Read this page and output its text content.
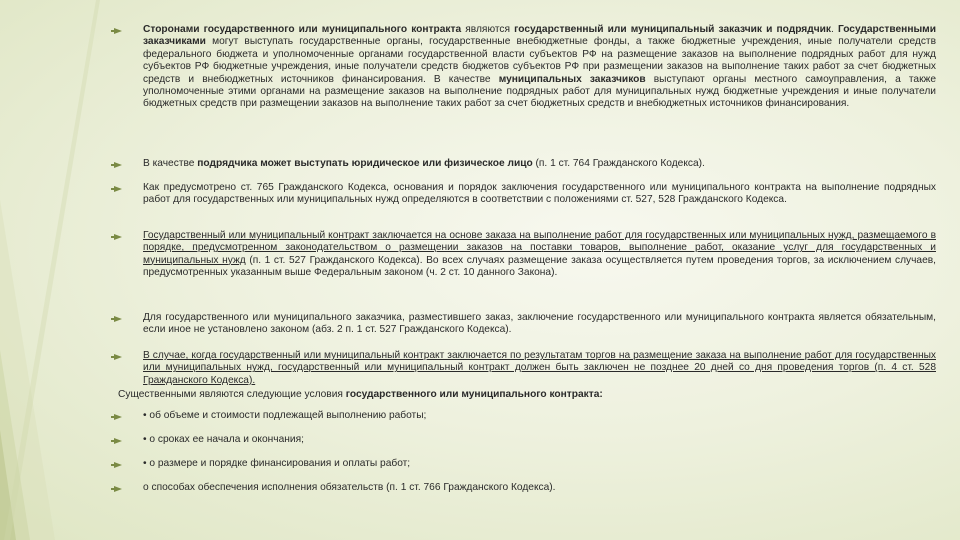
Сторонами государственного или муниципального контракта являются государственный или муниципальный заказчик и подрядчик. Государственными заказчиками могут выступать государственные органы, государственные внебюджетные фонды, а также бюджетные учреждения, иные получатели средств федерального бюджета и уполномоченные органами государственной власти субъектов РФ на размещение заказов на выполнение подрядных работ для нужд субъектов РФ бюджетные учреждения, иные получатели средств бюджетов субъектов РФ при размещении заказов на выполнение таких работ за счет бюджетных средств и внебюджетных источников финансирования. В качестве муниципальных заказчиков выступают органы местного самоуправления, а также уполномоченные этими органами на размещение заказов на выполнение подрядных работ для муниципальных нужд бюджетные учреждения и иные получатели бюджетных средств при размещении заказов на выполнение таких работ за счет бюджетных средств и внебюджетных источников финансирования.

В качестве подрядчика может выступать юридическое или физическое лицо (п. 1 ст. 764 Гражданского Кодекса).

Как предусмотрено ст. 765 Гражданского Кодекса, основания и порядок заключения государственного или муниципального контракта на выполнение подрядных работ для государственных или муниципальных нужд определяются в соответствии с положениями ст. 527, 528 Гражданского Кодекса.

Государственный или муниципальный контракт заключается на основе заказа на выполнение работ для государственных или муниципальных нужд, размещаемого в порядке, предусмотренном законодательством о размещении заказов на поставки товаров, выполнение работ, оказание услуг для государственных и муниципальных нужд (п. 1 ст. 527 Гражданского Кодекса). Во всех случаях размещение заказа осуществляется путем проведения торгов, за исключением случаев, предусмотренных указанным выше Федеральным законом (ч. 2 ст. 10 данного Закона).

Для государственного или муниципального заказчика, разместившего заказ, заключение государственного или муниципального контракта является обязательным, если иное не установлено законом (абз. 2 п. 1 ст. 527 Гражданского Кодекса).

В случае, когда государственный или муниципальный контракт заключается по результатам торгов на размещение заказа на выполнение работ для государственных или муниципальных нужд, государственный или муниципальный контракт должен быть заключен не позднее 20 дней со дня проведения торгов (п. 4 ст. 528 Гражданского Кодекса).

Существенными являются следующие условия государственного или муниципального контракта:

• об объеме и стоимости подлежащей выполнению работы;

• о сроках ее начала и окончания;

• о размере и порядке финансирования и оплаты работ;

о способах обеспечения исполнения обязательств (п. 1 ст. 766 Гражданского Кодекса).
